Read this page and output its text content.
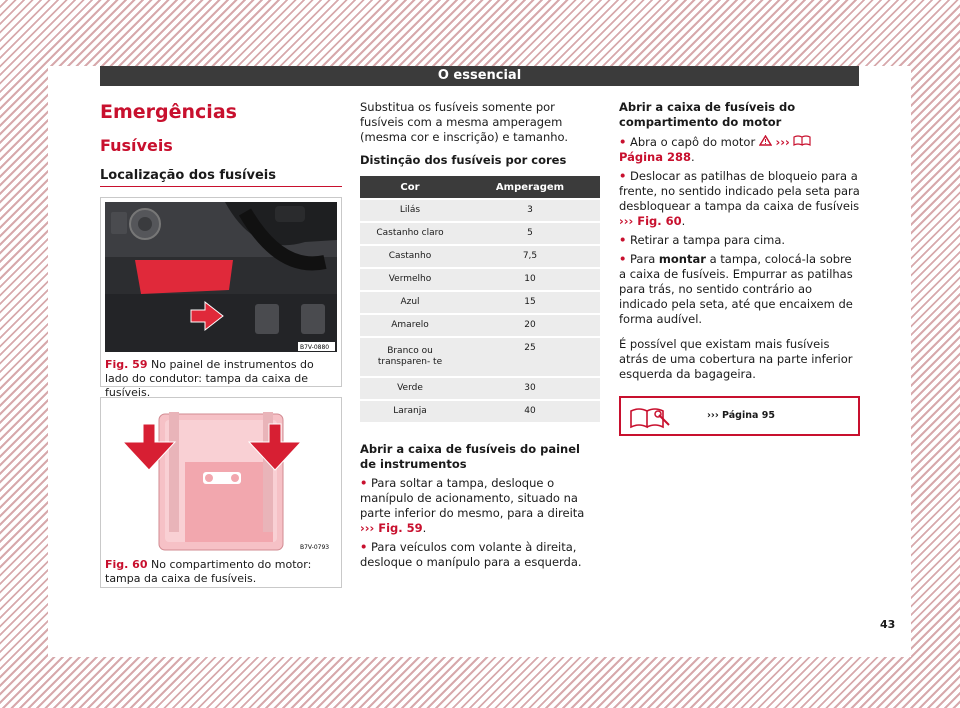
O essencial
Emergências
Fusíveis
Localização dos fusíveis
B7V-0880
Fig. 59 No painel de instrumentos do lado do condutor: tampa da caixa de fusíveis.
B7V-0793
Fig. 60 No compartimento do motor: tampa da caixa de fusíveis.

Substitua os fusíveis somente por fusíveis com a mesma amperagem (mesma cor e inscrição) e tamanho.

Distinção dos fusíveis por cores
Cor	Amperagem
Lilás	3
Castanho claro	5
Castanho	7,5
Vermelho	10
Azul	15
Amarelo	20
Branco ou transparen- te	25
Verde	30
Laranja	40
Abrir a caixa de fusíveis do painel de instrumentos
• Para soltar a tampa, desloque o manípulo de acionamento, situado na parte inferior do mesmo, para a direita ››› Fig. 59.
• Para veículos com volante à direita, desloque o manípulo para a esquerda.
Abrir a caixa de fusíveis do compartimento do motor
• Abra o capô do motor ›››  Página 288.
• Deslocar as patilhas de bloqueio para a frente, no sentido indicado pela seta para desbloquear a tampa da caixa de fusíveis ››› Fig. 60.
• Retirar a tampa para cima.
• Para montar a tampa, colocá-la sobre a caixa de fusíveis. Empurrar as patilhas para trás, no sentido contrário ao indicado pela seta, até que encaixem de forma audível.

É possível que existam mais fusíveis atrás de uma cobertura na parte inferior esquerda da bagageira.

››› Página 95
43
